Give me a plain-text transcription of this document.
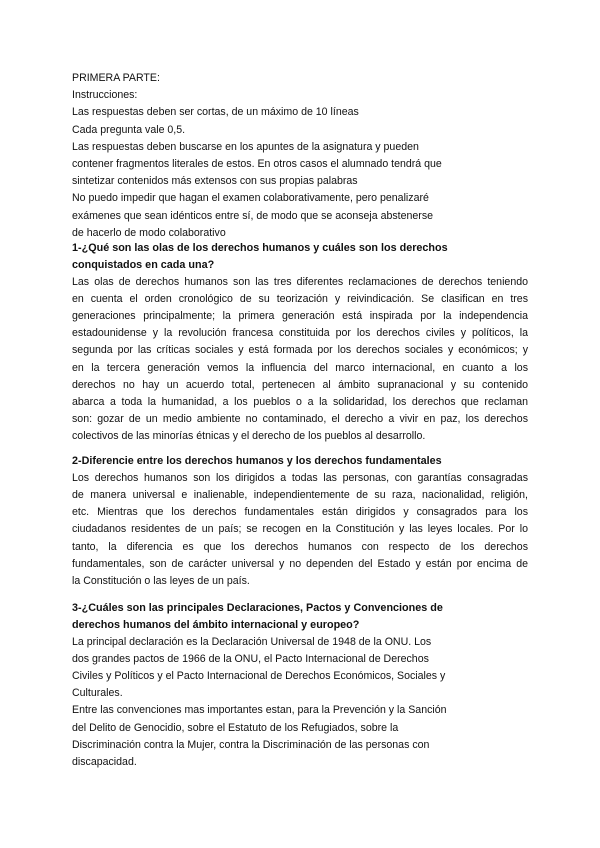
PRIMERA PARTE:
Instrucciones:
Las respuestas deben ser cortas, de un máximo de 10 líneas
Cada pregunta vale 0,5.
Las respuestas deben buscarse en los apuntes de la asignatura y pueden
contener fragmentos literales de estos. En otros casos el alumnado tendrá que
sintetizar contenidos más extensos con sus propias palabras
No puedo impedir que hagan el examen colaborativamente, pero penalizaré
exámenes que sean idénticos entre sí, de modo que se aconseja abstenerse
de hacerlo de modo colaborativo
1-¿Qué son las olas de los derechos humanos y cuáles son los derechos
conquistados en cada una?
Las olas de derechos humanos son las tres diferentes reclamaciones de derechos teniendo
en cuenta el orden cronológico de su teorización y reivindicación. Se clasifican en tres
generaciones principalmente; la primera generación está inspirada por la independencia
estadounidense y la revolución francesa constituida por los derechos civiles y políticos, la
segunda por las críticas sociales y está formada por los derechos sociales y económicos; y
en la tercera generación vemos la influencia del marco internacional, en cuanto a los
derechos no hay un acuerdo total, pertenecen al ámbito supranacional y su contenido
abarca a toda la humanidad, a los pueblos o a la solidaridad, los derechos que reclaman
son: gozar de un medio ambiente no contaminado, el derecho a vivir en paz, los derechos
colectivos de las minorías étnicas y el derecho de los pueblos al desarrollo.
2-Diferencie entre los derechos humanos y los derechos fundamentales
Los derechos humanos son los dirigidos a todas las personas, con garantías consagradas
de manera universal e inalienable, independientemente de su raza, nacionalidad, religión,
etc. Mientras que los derechos fundamentales están dirigidos y consagrados para los
ciudadanos residentes de un país; se recogen en la Constitución y las leyes locales. Por lo
tanto, la diferencia es que los derechos humanos con respecto de los derechos
fundamentales, son de carácter universal y no dependen del Estado y están por encima de
la Constitución o las leyes de un país.
3-¿Cuáles son las principales Declaraciones, Pactos y Convenciones de
derechos humanos del ámbito internacional y europeo?
La principal declaración es la Declaración Universal de 1948 de la ONU. Los
dos grandes pactos de 1966 de la ONU, el Pacto Internacional de Derechos
Civiles y Políticos y el Pacto Internacional de Derechos Económicos, Sociales y
Culturales.
Entre las convenciones mas importantes estan, para la Prevención y la Sanción
del Delito de Genocidio, sobre el Estatuto de los Refugiados, sobre la
Discriminación contra la Mujer, contra la Discriminación de las personas con
discapacidad.
